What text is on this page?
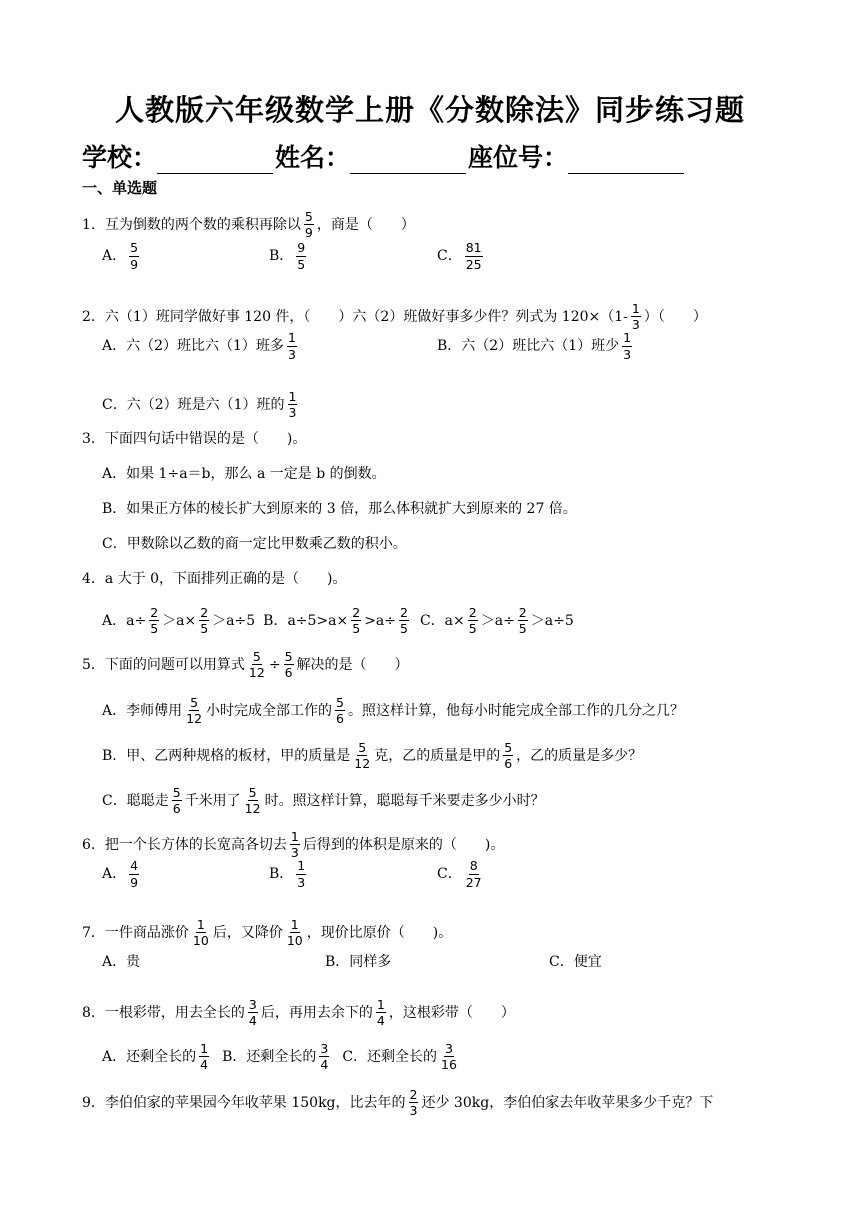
人教版六年级数学上册《分数除法》同步练习题
学校：	姓名：	座位号：
一、单选题
1．互为倒数的两个数的乘积再除以 $\frac{5}{9}$ ，商是（　　）
A． $\frac{5}{9}$	B． $\frac{9}{5}$	C． $\frac{81}{25}$
2．六（1）班同学做好事 120 件，（　　）六（2）班做好事多少件？列式为 $120\times(1- \frac{1}{3}$ ）（　　）
A．六（2）班比六（1）班多 $\frac{1}{3}$	B．六（2）班比六（1）班少 $\frac{1}{3}$
C．六（2）班是六（1）班的 $\frac{1}{3}$
3．下面四句话中错误的是（　　)。
A．如果 1÷a＝b，那么 a 一定是 b 的倒数。
B．如果正方体的棱长扩大到原来的 3 倍，那么体积就扩大到原来的 27 倍。
C．甲数除以乙数的商一定比甲数乘乙数的积小。
4．a 大于 0，下面排列正确的是（　　)。
A．$a\div \frac{2}{5} >a\times \frac{2}{5} >a\div 5$ B．$a\div 5>a\times \frac{2}{5} >a\div \frac{2}{5}$ C．$a\times \frac{2}{5} >a\div \frac{2}{5} >a\div 5$
5．下面的问题可以用算式 $\frac{5}{12} \div \frac{5}{6}$ 解决的是（　　）
A．李师傅用 $\frac{5}{12}$ 小时完成全部工作的 $\frac{5}{6}$ 。照这样计算，他每小时能完成全部工作的几分之几？
B．甲、乙两种规格的板材，甲的质量是 $\frac{5}{12}$ 克，乙的质量是甲的 $\frac{5}{6}$ ，乙的质量是多少？
C．聪聪走 $\frac{5}{6}$ 千米用了 $\frac{5}{12}$ 时。照这样计算，聪聪每千米要走多少小时？
6．把一个长方体的长宽高各切去 $\frac{1}{3}$ 后得到的体积是原来的（　　)。
A． $\frac{4}{9}$	B． $\frac{1}{3}$	C． $\frac{8}{27}$
7．一件商品涨价 $\frac{1}{10}$ 后，又降价 $\frac{1}{10}$ ，现价比原价（　　)。
A．贵	B．同样多	C．便宜
8．一根彩带，用去全长的 $\frac{3}{4}$ 后，再用去余下的 $\frac{1}{4}$ ，这根彩带（　　）
A．还剩全长的 $\frac{1}{4}$ B．还剩全长的 $\frac{3}{4}$ C．还剩全长的 $\frac{3}{16}$
9．李伯伯家的苹果园今年收苹果 150kg，比去年的 $\frac{2}{3}$ 还少 30kg，李伯伯家去年收苹果多少千克？下
